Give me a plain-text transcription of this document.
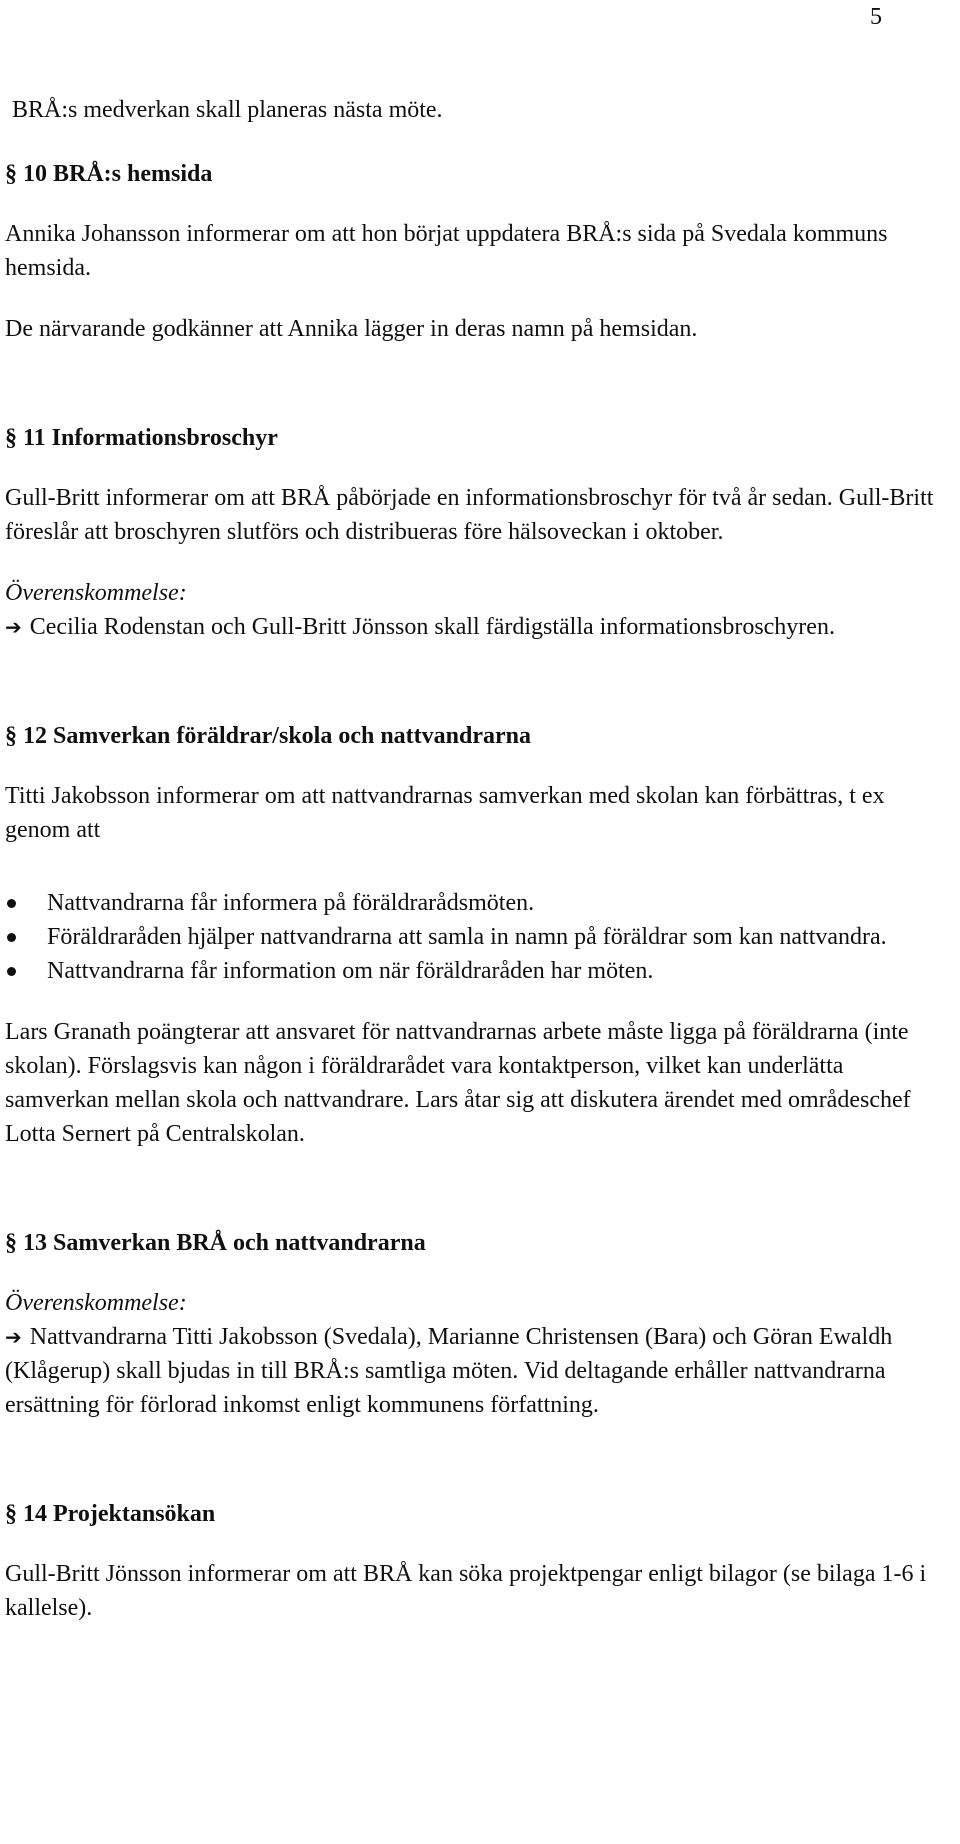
5

BRÅ:s medverkan skall planeras nästa möte.

§ 10 BRÅ:s hemsida

Annika Johansson informerar om att hon börjat uppdatera BRÅ:s sida på Svedala kommuns hemsida.

De närvarande godkänner att Annika lägger in deras namn på hemsidan.

§ 11 Informationsbroschyr

Gull-Britt informerar om att BRÅ påbörjade en informationsbroschyr för två år sedan. Gull-Britt föreslår att broschyren slutförs och distribueras före hälsoveckan i oktober.

Överenskommelse:

➔ Cecilia Rodenstan och Gull-Britt Jönsson skall färdigställa informationsbroschyren.

§ 12 Samverkan föräldrar/skola och nattvandrarna

Titti Jakobsson informerar om att nattvandrarnas samverkan med skolan kan förbättras, t ex genom att

Nattvandrarna får informera på föräldrarådsmöten.
Föräldraråden hjälper nattvandrarna att samla in namn på föräldrar som kan nattvandra.
Nattvandrarna får information om när föräldraråden har möten.

Lars Granath poängterar att ansvaret för nattvandrarnas arbete måste ligga på föräldrarna (inte skolan). Förslagsvis kan någon i föräldrarådet vara kontaktperson, vilket kan underlätta samverkan mellan skola och nattvandrare. Lars åtar sig att diskutera ärendet med områdeschef Lotta Sernert på Centralskolan.

§ 13 Samverkan BRÅ och nattvandrarna

Överenskommelse:

➔ Nattvandrarna Titti Jakobsson (Svedala), Marianne Christensen (Bara) och Göran Ewaldh (Klågerup) skall bjudas in till BRÅ:s samtliga möten. Vid deltagande erhåller nattvandrarna ersättning för förlorad inkomst enligt kommunens författning.

§ 14 Projektansökan

Gull-Britt Jönsson informerar om att BRÅ kan söka projektpengar enligt bilagor (se bilaga 1-6 i kallelse).
